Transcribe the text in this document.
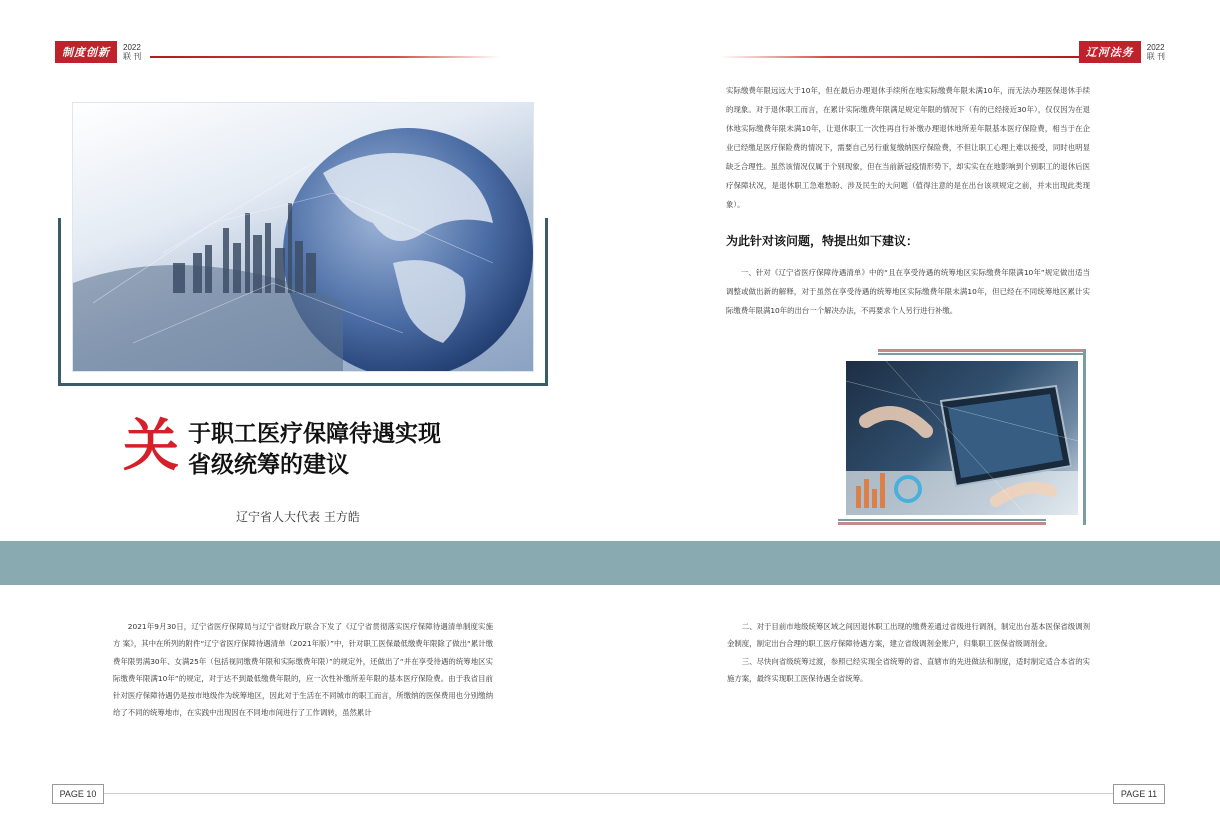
制度创新	2022
联 刊	辽河法务	2022
联 刊
关 于职工医疗保障待遇实现
省级统筹的建议
辽宁省人大代表 王方皓
实际缴费年限远远大于10年，但在最后办理退休手续所在地实际缴费年限未满10年，而无法办理医保退休手续的现象。对于退休职工而言，在累计实际缴费年限满足规定年限的情况下（有的已经接近30年），仅仅因为在退休地实际缴费年限未满10年，让退休职工一次性再自行补缴办理退休地所差年限基本医疗保险费，相当于在企业已经缴足医疗保险费的情况下，需要自己另行重复缴纳医疗保险费，不但让职工心理上难以接受，同时也明显缺乏合理性。虽然该情况仅属于个别现象，但在当前新冠疫情形势下，却实实在在地影响到个别职工的退休后医疗保障状况，是退休职工急难愁盼、涉及民生的大问题（值得注意的是在出台该项规定之前，并未出现此类现象）。
为此针对该问题，特提出如下建议：
一、针对《辽宁省医疗保障待遇清单》中的“且在享受待遇的统筹地区实际缴费年限满10年”规定做出适当调整或做出新的解释，对于虽然在享受待遇的统筹地区实际缴费年限未满10年，但已经在不同统筹地区累计实际缴费年限满10年的出台一个解决办法，不再要求个人另行进行补缴。
2021年9月30日，辽宁省医疗保障局与辽宁省财政厅联合下发了《辽宁省贯彻落实医疗保障待遇清单制度实施方 案》，其中在所列的附件“辽宁省医疗保障待遇清单（2021年版）”中，针对职工医保最低缴费年限除了做出“累计缴费年限男满30年、女满25年（包括视同缴费年限和实际缴费年限）”的规定外，还做出了“并在享受待遇的统筹地区实际缴费年限满10年”的规定，对于达不到最低缴费年限的，应一次性补缴所差年限的基本医疗保险费。由于我省目前针对医疗保障待遇仍是按市地级作为统筹地区，因此对于生活在不同城市的职工而言，所缴纳的医保费用也分别缴纳给了不同的统筹地市，在实践中出现因在不同地市间进行了工作调转，虽然累计

二、对于目前市地级统筹区域之间因退休职工出现的缴费差通过省级进行调剂，制定出台基本医保省级调剂金制度，制定出台合理的职工医疗保障待遇方案，建立省级调剂金账户，归集职工医保省级调剂金。

三、尽快向省级统筹过渡，参照已经实现全省统筹的省、直辖市的先进做法和制度，适时制定适合本省的实施方案，最终实现职工医保待遇全省统筹。

PAGE 10	PAGE 11
